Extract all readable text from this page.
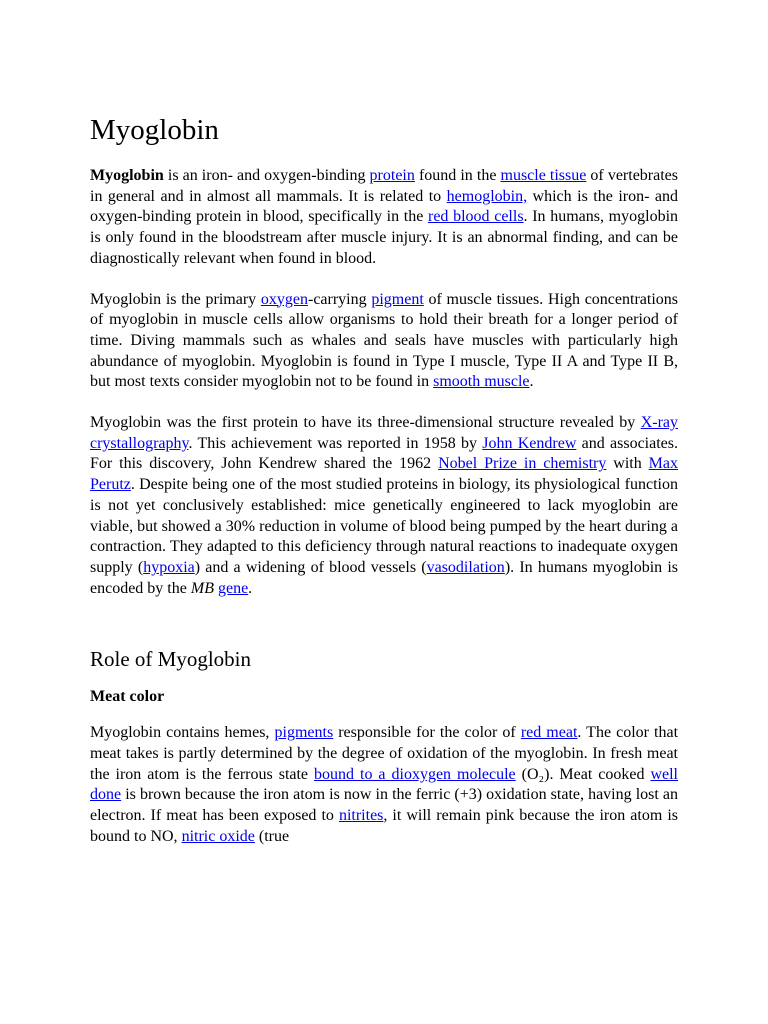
Myoglobin

Myoglobin is an iron- and oxygen-binding protein found in the muscle tissue of vertebrates in general and in almost all mammals. It is related to hemoglobin, which is the iron- and oxygen-binding protein in blood, specifically in the red blood cells. In humans, myoglobin is only found in the bloodstream after muscle injury. It is an abnormal finding, and can be diagnostically relevant when found in blood.

Myoglobin is the primary oxygen-carrying pigment of muscle tissues. High concentrations of myoglobin in muscle cells allow organisms to hold their breath for a longer period of time. Diving mammals such as whales and seals have muscles with particularly high abundance of myoglobin. Myoglobin is found in Type I muscle, Type II A and Type II B, but most texts consider myoglobin not to be found in smooth muscle.

Myoglobin was the first protein to have its three-dimensional structure revealed by X-ray crystallography. This achievement was reported in 1958 by John Kendrew and associates. For this discovery, John Kendrew shared the 1962 Nobel Prize in chemistry with Max Perutz. Despite being one of the most studied proteins in biology, its physiological function is not yet conclusively established: mice genetically engineered to lack myoglobin are viable, but showed a 30% reduction in volume of blood being pumped by the heart during a contraction. They adapted to this deficiency through natural reactions to inadequate oxygen supply (hypoxia) and a widening of blood vessels (vasodilation). In humans myoglobin is encoded by the MB gene.

Role of Myoglobin
Meat color

Myoglobin contains hemes, pigments responsible for the color of red meat. The color that meat takes is partly determined by the degree of oxidation of the myoglobin. In fresh meat the iron atom is the ferrous state bound to a dioxygen molecule (O₂). Meat cooked well done is brown because the iron atom is now in the ferric (+3) oxidation state, having lost an electron. If meat has been exposed to nitrites, it will remain pink because the iron atom is bound to NO, nitric oxide (true
